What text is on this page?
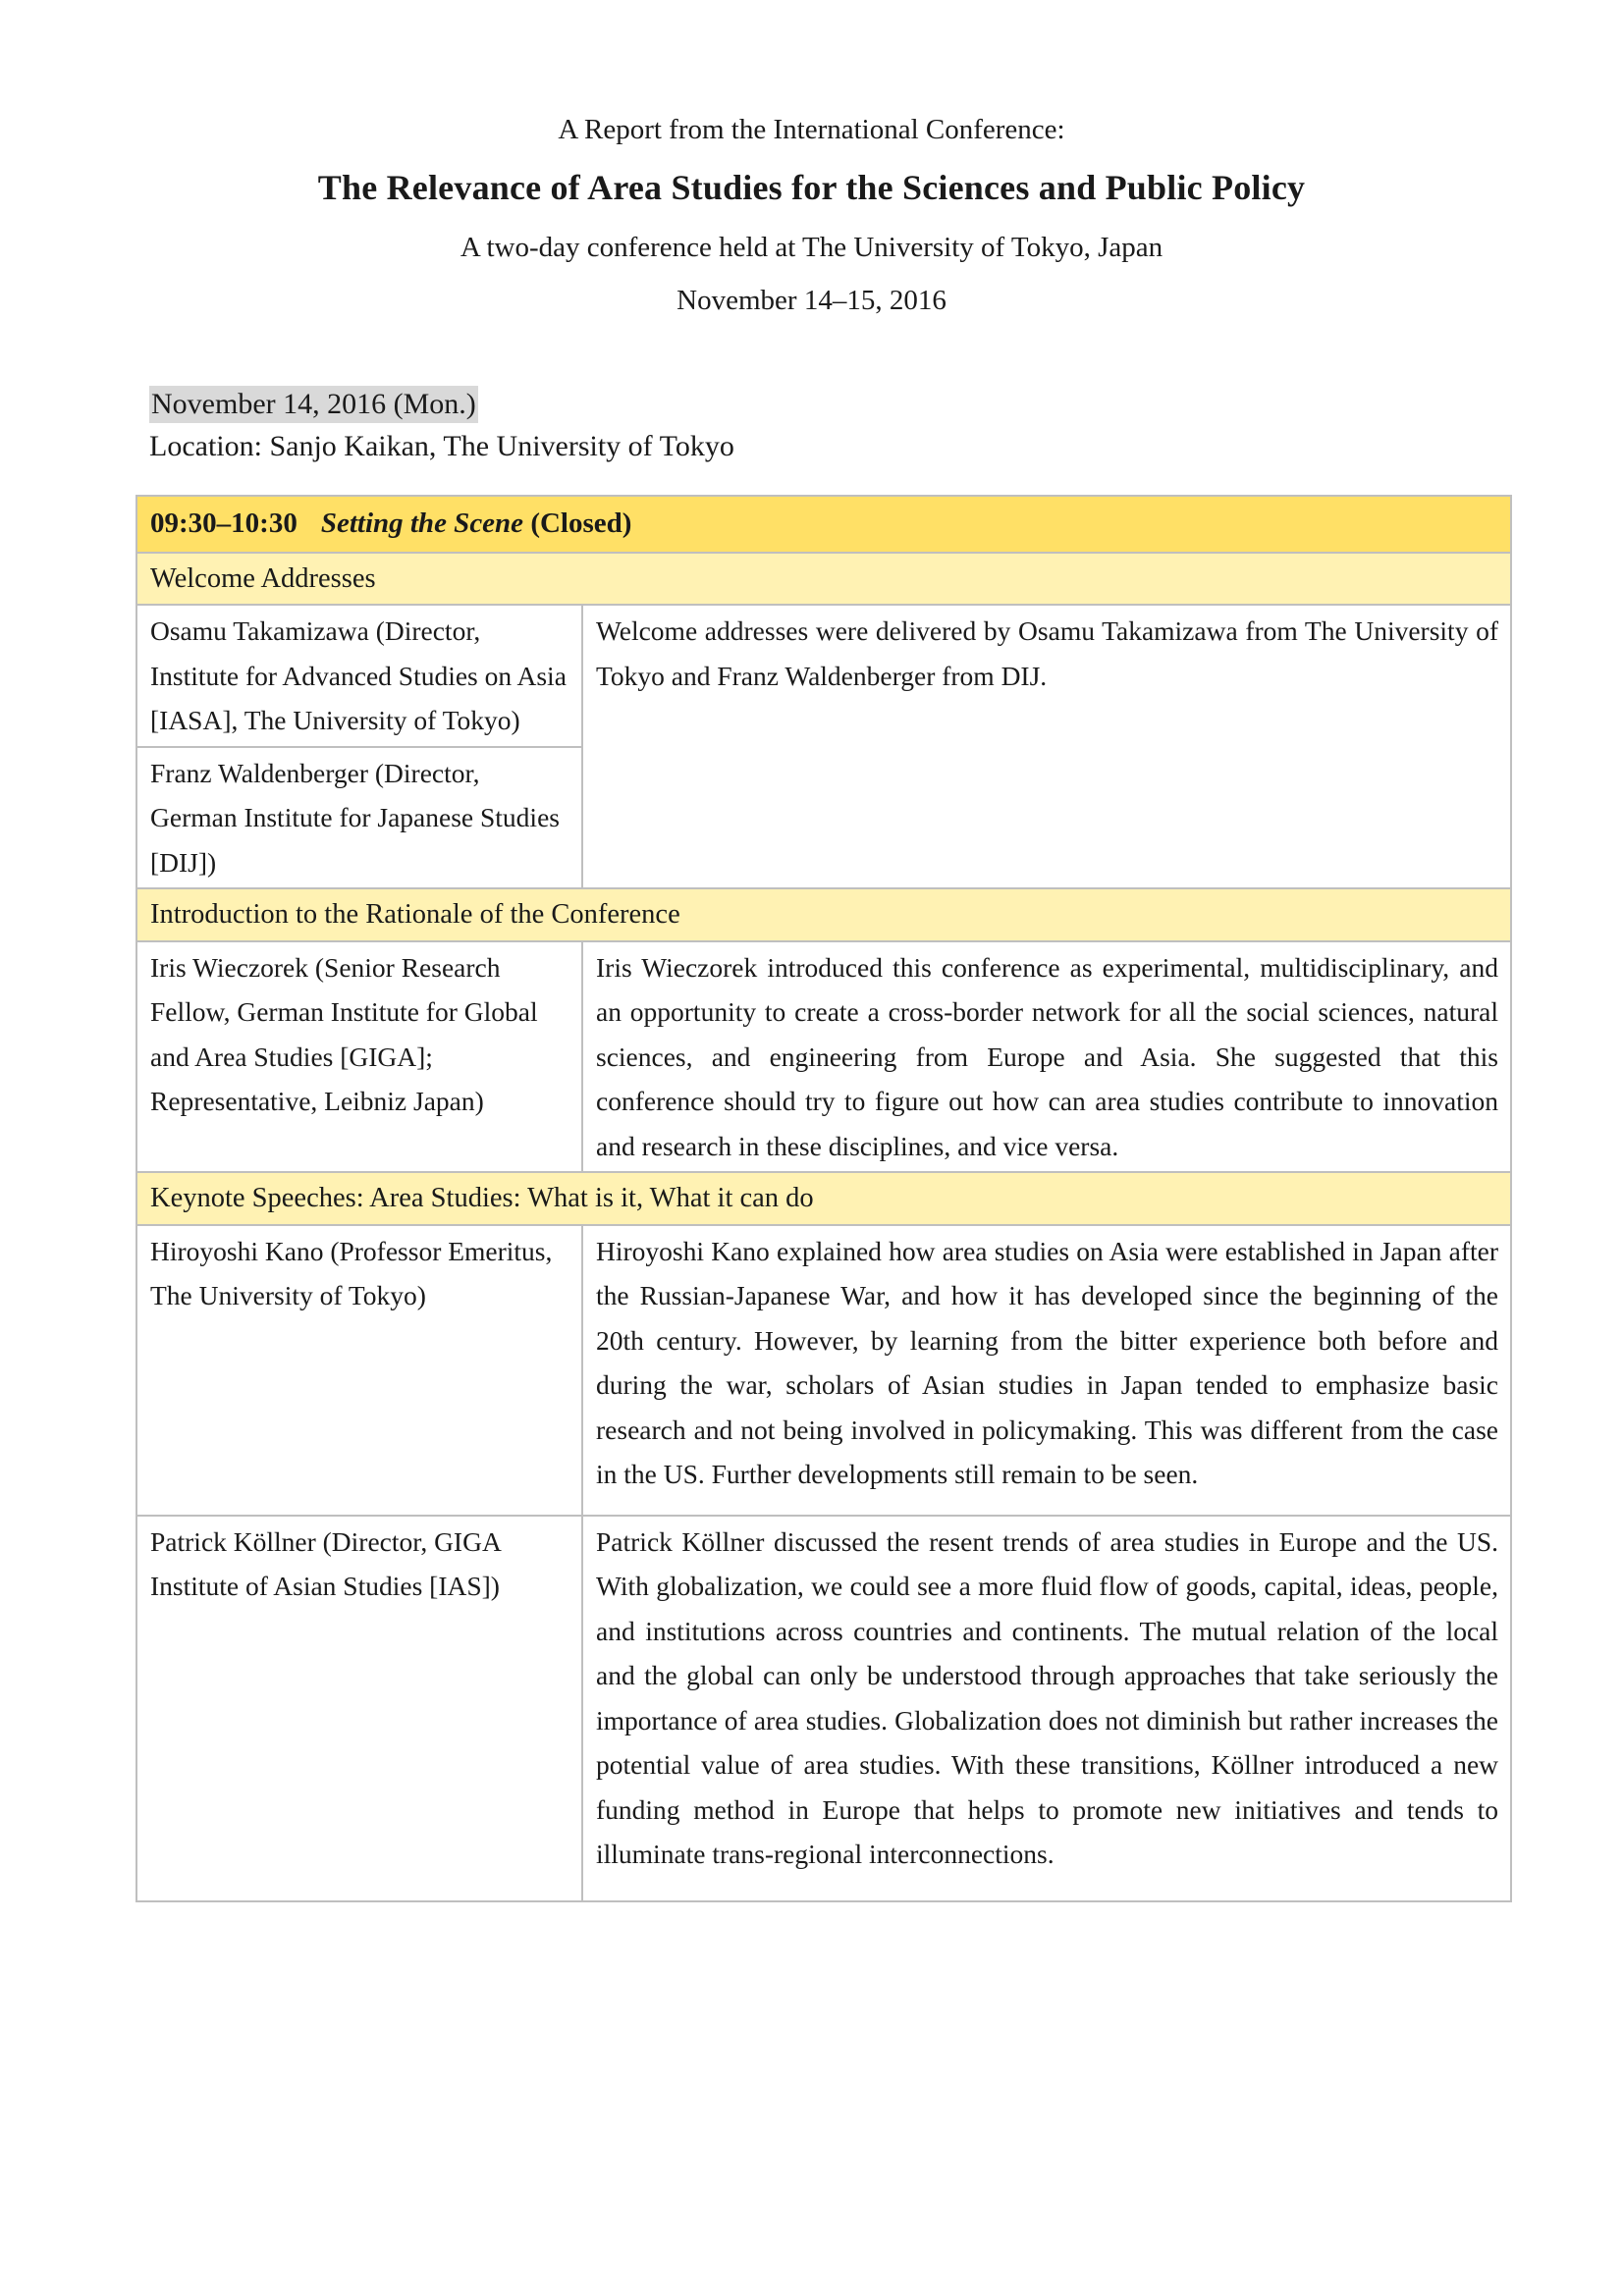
A Report from the International Conference:
The Relevance of Area Studies for the Sciences and Public Policy
A two-day conference held at The University of Tokyo, Japan
November 14–15, 2016
November 14, 2016 (Mon.)
Location: Sanjo Kaikan, The University of Tokyo
09:30–10:30 Setting the Scene (Closed)	
Welcome Addresses	
Osamu Takamizawa (Director, Institute for Advanced Studies on Asia [IASA], The University of Tokyo)	Welcome addresses were delivered by Osamu Takamizawa from The University of Tokyo and Franz Waldenberger from DIJ.
Franz Waldenberger (Director, German Institute for Japanese Studies [DIJ])	
Introduction to the Rationale of the Conference	
Iris Wieczorek (Senior Research Fellow, German Institute for Global and Area Studies [GIGA]; Representative, Leibniz Japan)	Iris Wieczorek introduced this conference as experimental, multidisciplinary, and an opportunity to create a cross-border network for all the social sciences, natural sciences, and engineering from Europe and Asia. She suggested that this conference should try to figure out how can area studies contribute to innovation and research in these disciplines, and vice versa.
Keynote Speeches: Area Studies: What is it, What it can do	
Hiroyoshi Kano (Professor Emeritus, The University of Tokyo)	Hiroyoshi Kano explained how area studies on Asia were established in Japan after the Russian-Japanese War, and how it has developed since the beginning of the 20th century. However, by learning from the bitter experience both before and during the war, scholars of Asian studies in Japan tended to emphasize basic research and not being involved in policymaking. This was different from the case in the US. Further developments still remain to be seen.
Patrick Köllner (Director, GIGA Institute of Asian Studies [IAS])	Patrick Köllner discussed the resent trends of area studies in Europe and the US. With globalization, we could see a more fluid flow of goods, capital, ideas, people, and institutions across countries and continents. The mutual relation of the local and the global can only be understood through approaches that take seriously the importance of area studies. Globalization does not diminish but rather increases the potential value of area studies. With these transitions, Köllner introduced a new funding method in Europe that helps to promote new initiatives and tends to illuminate trans-regional interconnections.
